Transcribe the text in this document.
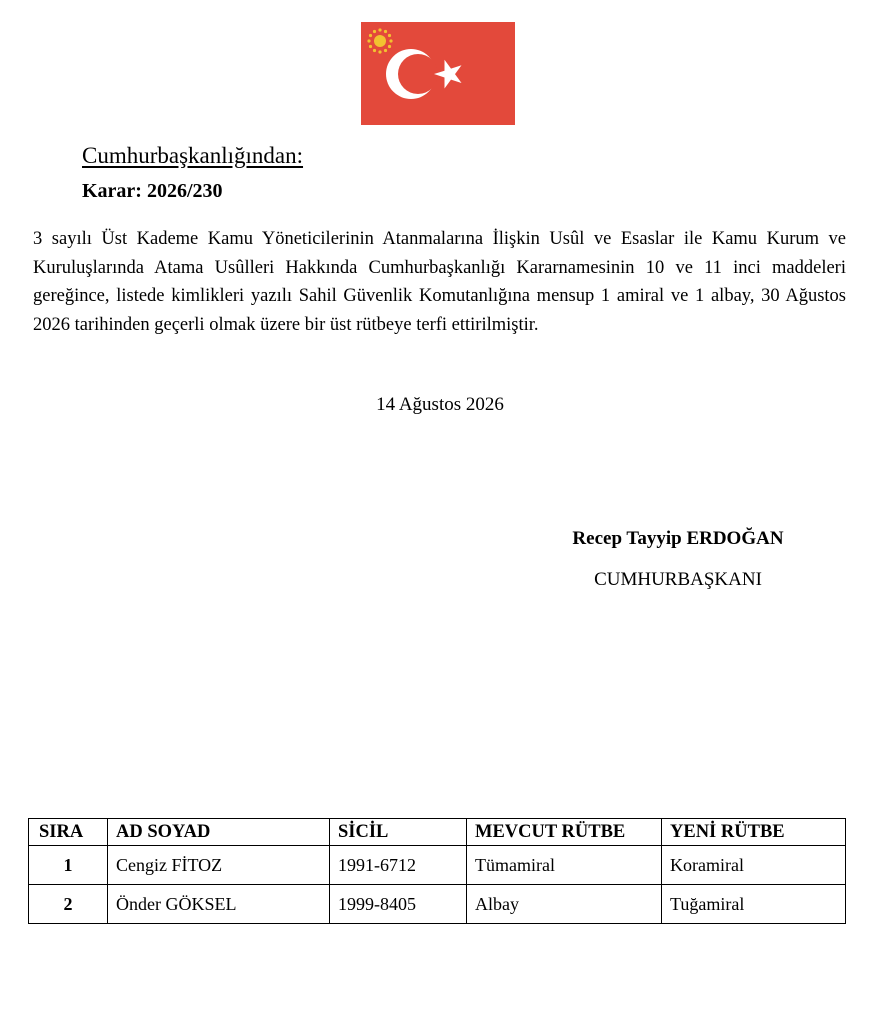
Cumhurbaşkanlığından:
Karar: 2026/230
3 sayılı Üst Kademe Kamu Yöneticilerinin Atanmalarına İlişkin Usûl ve Esaslar ile Kamu Kurum ve Kuruluşlarında Atama Usûlleri Hakkında Cumhurbaşkanlığı Kararnamesinin 10 ve 11 inci maddeleri gereğince, listede kimlikleri yazılı Sahil Güvenlik Komutanlığına mensup 1 amiral ve 1 albay, 30 Ağustos 2026 tarihinden geçerli olmak üzere bir üst rütbeye terfi ettirilmiştir.
14 Ağustos 2026
Recep Tayyip ERDOĞAN
CUMHURBAŞKANI
SIRA	AD SOYAD	SİCİL	MEVCUT RÜTBE	YENİ RÜTBE
1	Cengiz FİTOZ	1991-6712	Tümamiral	Koramiral
2	Önder GÖKSEL	1999-8405	Albay	Tuğamiral
